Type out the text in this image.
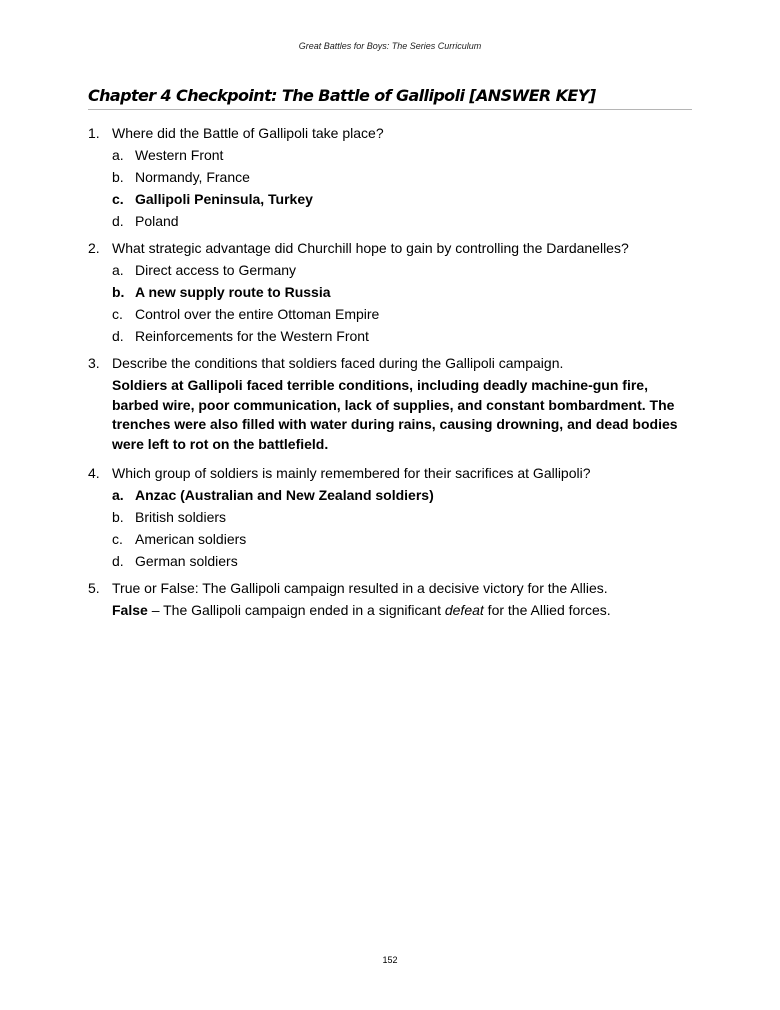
Great Battles for Boys: The Series Curriculum
Chapter 4 Checkpoint: The Battle of Gallipoli [ANSWER KEY]
1. Where did the Battle of Gallipoli take place?
a. Western Front
b. Normandy, France
c. Gallipoli Peninsula, Turkey
d. Poland
2. What strategic advantage did Churchill hope to gain by controlling the Dardanelles?
a. Direct access to Germany
b. A new supply route to Russia
c. Control over the entire Ottoman Empire
d. Reinforcements for the Western Front
3. Describe the conditions that soldiers faced during the Gallipoli campaign.
Soldiers at Gallipoli faced terrible conditions, including deadly machine-gun fire, barbed wire, poor communication, lack of supplies, and constant bombardment. The trenches were also filled with water during rains, causing drowning, and dead bodies were left to rot on the battlefield.
4. Which group of soldiers is mainly remembered for their sacrifices at Gallipoli?
a. Anzac (Australian and New Zealand soldiers)
b. British soldiers
c. American soldiers
d. German soldiers
5. True or False: The Gallipoli campaign resulted in a decisive victory for the Allies.
False – The Gallipoli campaign ended in a significant defeat for the Allied forces.
152
